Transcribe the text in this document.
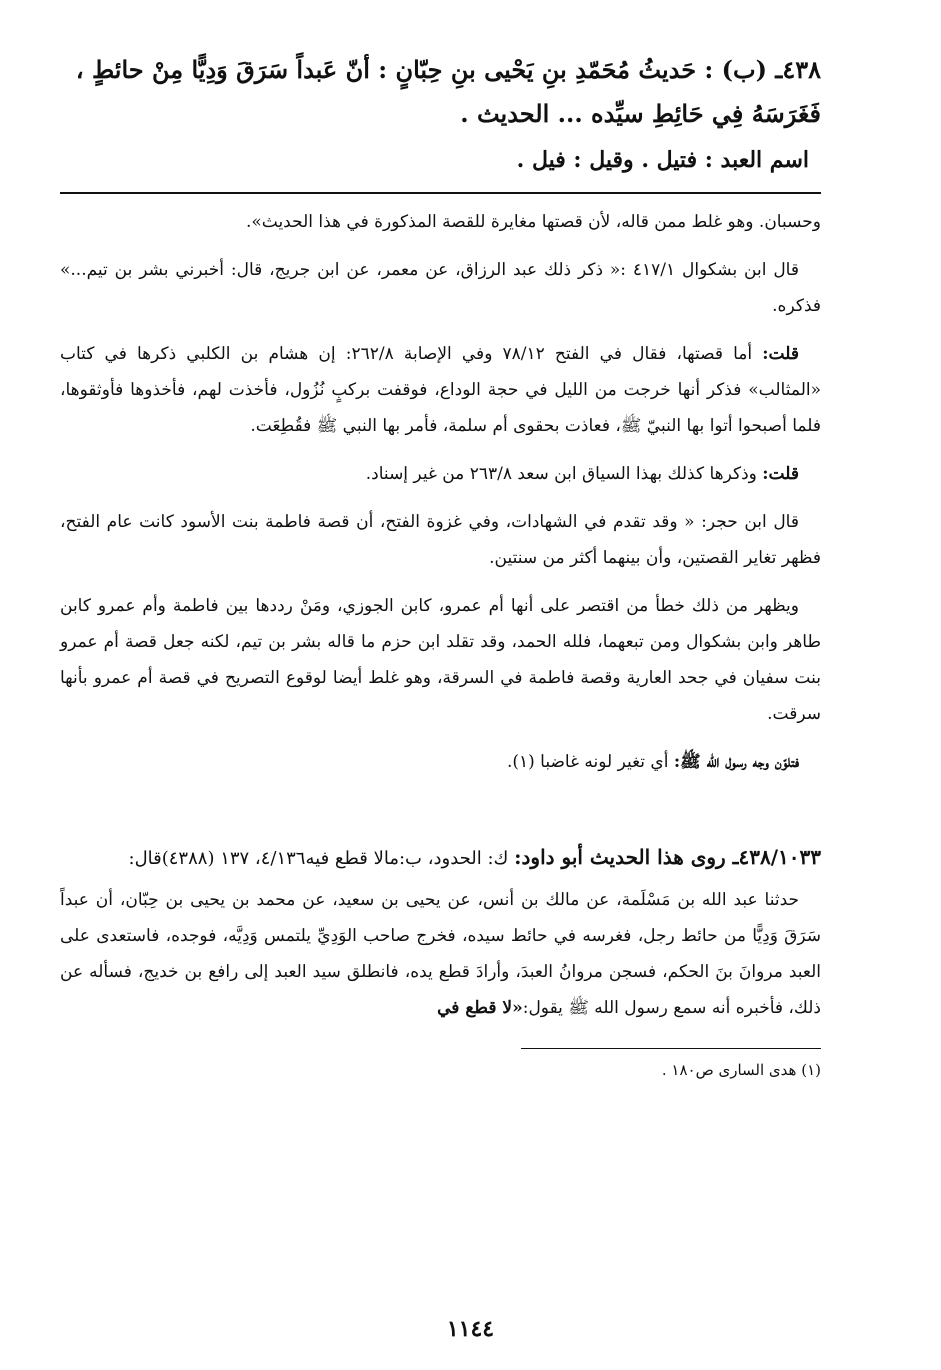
٤٣٨ـ (ب) : حَديثُ مُحَمّدِ بنِ يَحْيى بنِ حِبّانٍ : أنّ عَبداً سَرَقَ وَدِيًّا مِنْ حائطٍ ،
فَغَرَسَهُ فِي حَائِطِ سيِّده ... الحديث .

اسم العبد : فتيل . وقيل : فيل .

وحسبان. وهو غلط ممن قاله، لأن قصتها مغايرة للقصة المذكورة في هذا الحديث».

قال ابن بشكوال ٤١٧/١ :« ذكر ذلك عبد الرزاق، عن معمر، عن ابن جريج، قال: أخبرني بشر بن تيم...» فذكره.

قلت: أما قصتها، فقال في الفتح ٧٨/١٢ وفي الإصابة ٢٦٢/٨: إن هشام بن الكلبي ذكرها في كتاب «المثالب» فذكر أنها خرجت من الليل في حجة الوداع، فوقفت بركبٍ نُزُول، فأخذت لهم، فأخذوها فأوثقوها، فلما أصبحوا أتوا بها النبيّ ﷺ، فعاذت بحقوى أم سلمة، فأمر بها النبي ﷺ فقُطِعَت.

قلت: وذكرها كذلك بهذا السياق ابن سعد ٢٦٣/٨ من غير إسناد.

قال ابن حجر: « وقد تقدم في الشهادات، وفي غزوة الفتح، أن قصة فاطمة بنت الأسود كانت عام الفتح، فظهر تغاير القصتين، وأن بينهما أكثر من سنتين.

ويظهر من ذلك خطأ من اقتصر على أنها أم عمرو، كابن الجوزي، ومَنْ رددها بين فاطمة وأم عمرو كابن طاهر وابن بشكوال ومن تبعهما، فلله الحمد، وقد تقلد ابن حزم ما قاله بشر بن تيم، لكنه جعل قصة أم عمرو بنت سفيان في جحد العارية وقصة فاطمة في السرقة، وهو غلط أيضا لوقوع التصريح في قصة أم عمرو بأنها سرقت.

فتلوّن وجه رسول الله ﷺ: أي تغير لونه غاضبا (١).

٤٣٨/١٠٣٣ـ روى هذا الحديث أبو داود: ك: الحدود، ب:مالا قطع فيه٤/١٣٦، ١٣٧ (٤٣٨٨)قال:

حدثنا عبد الله بن مَسْلَمة، عن مالك بن أنس، عن يحيى بن سعيد، عن محمد بن يحيى بن حِبّان، أن عبداً سَرَقَ وَدِيًّا من حائط رجل، فغرسه في حائط سيده، فخرج صاحب الوَدِيِّ يلتمس وَدِيَّه، فوجده، فاستعدى على العبد مروانَ بنَ الحكم، فسجن مروانُ العبدَ، وأرادَ قطع يده، فانطلق سيد العبد إلى رافع بن خديج، فسأله عن ذلك، فأخبره أنه سمع رسول الله ﷺ يقول:«لا قطع في

(١) هدى السارى ص١٨٠ .

١١٤٤
